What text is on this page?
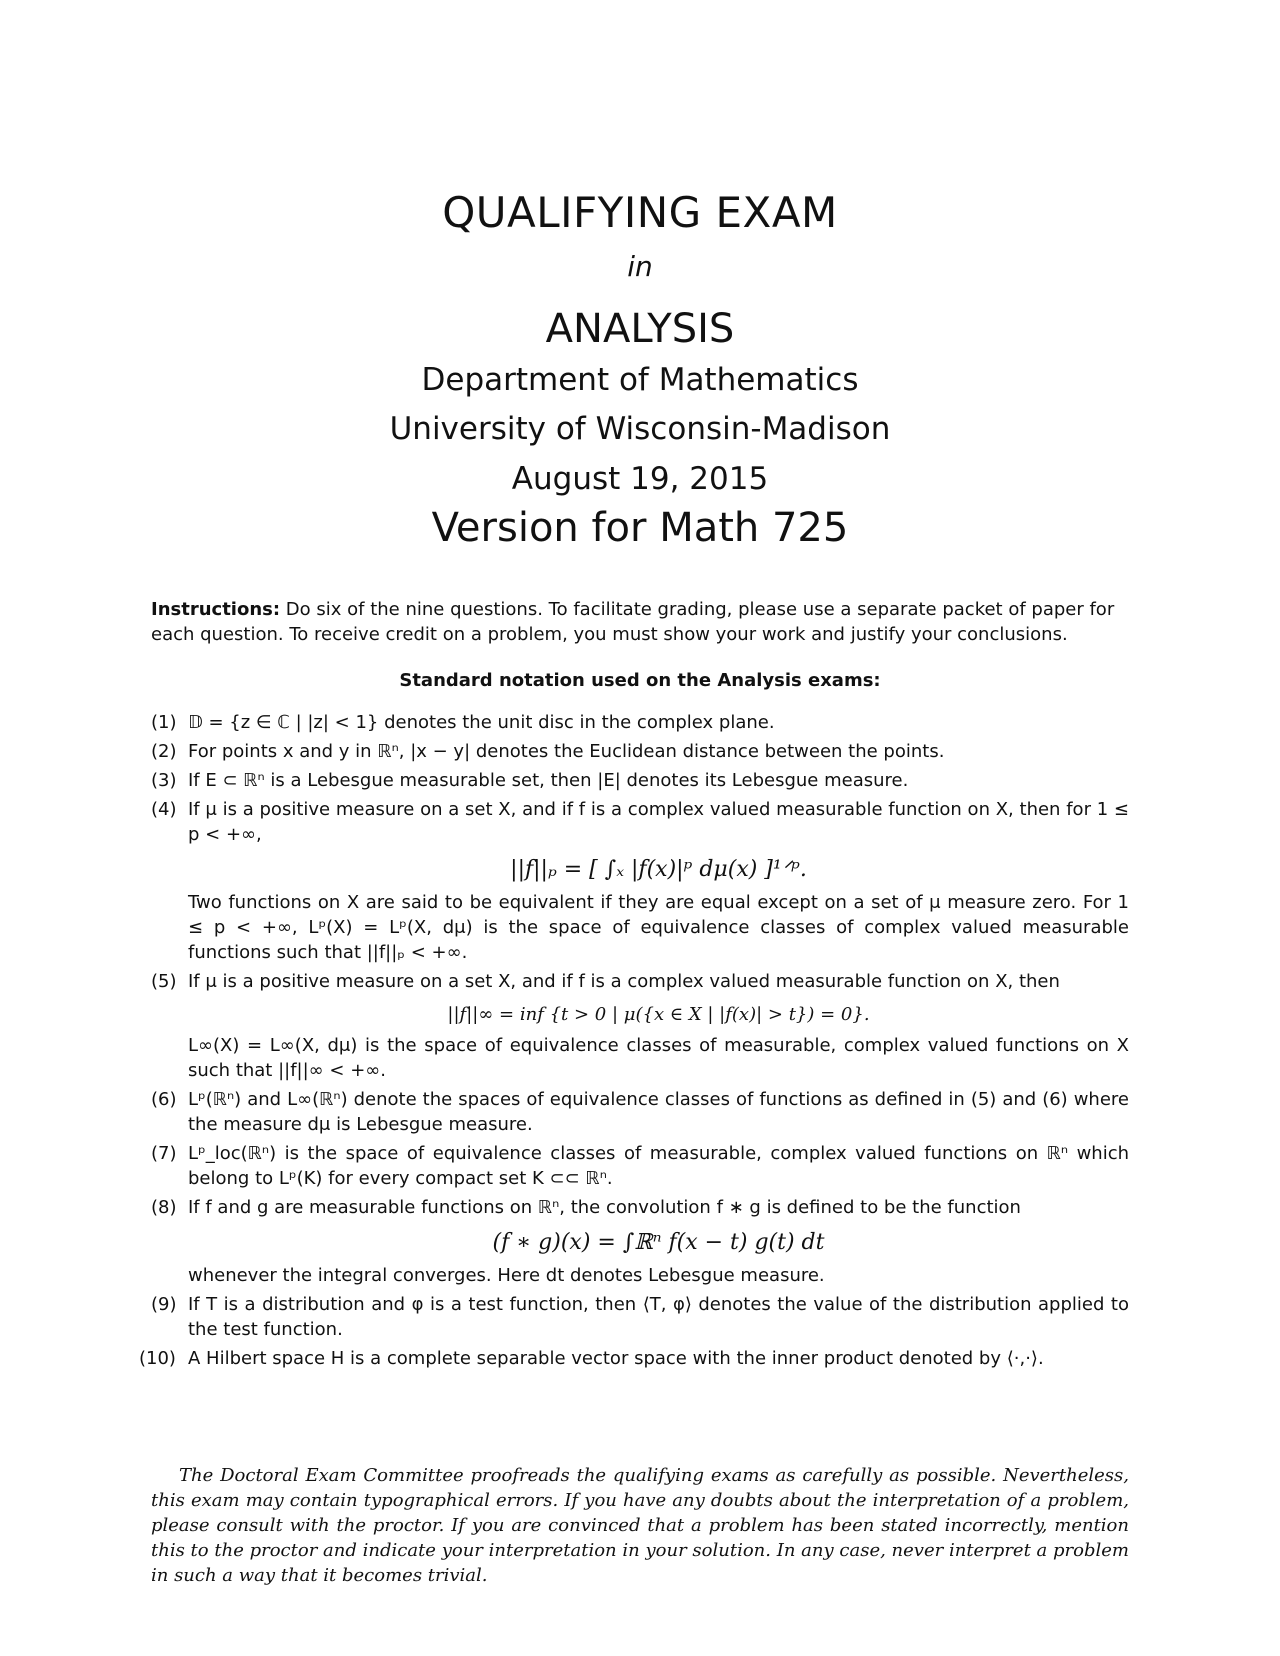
QUALIFYING EXAM
in
ANALYSIS
Department of Mathematics
University of Wisconsin-Madison
August 19, 2015
Version for Math 725
Instructions: Do six of the nine questions. To facilitate grading, please use a separate packet of paper for each question. To receive credit on a problem, you must show your work and justify your conclusions.
Standard notation used on the Analysis exams:
(1) 𝔻 = {z ∈ ℂ | |z| < 1} denotes the unit disc in the complex plane.
(2) For points x and y in ℝⁿ, |x − y| denotes the Euclidean distance between the points.
(3) If E ⊂ ℝⁿ is a Lebesgue measurable set, then |E| denotes its Lebesgue measure.
(4) If μ is a positive measure on a set X, and if f is a complex valued measurable function on X, then for 1 ≤ p < +∞,
||f||ₚ = [ ∫ₓ |f(x)|ᵖ dμ(x) ]¹ᐟᵖ.
Two functions on X are said to be equivalent if they are equal except on a set of μ measure zero. For 1 ≤ p < +∞, Lᵖ(X) = Lᵖ(X, dμ) is the space of equivalence classes of complex valued measurable functions such that ||f||ₚ < +∞.
(5) If μ is a positive measure on a set X, and if f is a complex valued measurable function on X, then
||f||∞ = inf {t > 0 | μ({x ∈ X | |f(x)| > t}) = 0}.
L∞(X) = L∞(X, dμ) is the space of equivalence classes of measurable, complex valued functions on X such that ||f||∞ < +∞.
(6) Lᵖ(ℝⁿ) and L∞(ℝⁿ) denote the spaces of equivalence classes of functions as defined in (5) and (6) where the measure dμ is Lebesgue measure.
(7) Lᵖ_loc(ℝⁿ) is the space of equivalence classes of measurable, complex valued functions on ℝⁿ which belong to Lᵖ(K) for every compact set K ⊂⊂ ℝⁿ.
(8) If f and g are measurable functions on ℝⁿ, the convolution f ∗ g is defined to be the function
(f ∗ g)(x) = ∫ℝⁿ f(x − t) g(t) dt
whenever the integral converges. Here dt denotes Lebesgue measure.
(9) If T is a distribution and φ is a test function, then ⟨T, φ⟩ denotes the value of the distribution applied to the test function.
(10) A Hilbert space H is a complete separable vector space with the inner product denoted by ⟨·,·⟩.
The Doctoral Exam Committee proofreads the qualifying exams as carefully as possible. Nevertheless, this exam may contain typographical errors. If you have any doubts about the interpretation of a problem, please consult with the proctor. If you are convinced that a problem has been stated incorrectly, mention this to the proctor and indicate your interpretation in your solution. In any case, never interpret a problem in such a way that it becomes trivial.
